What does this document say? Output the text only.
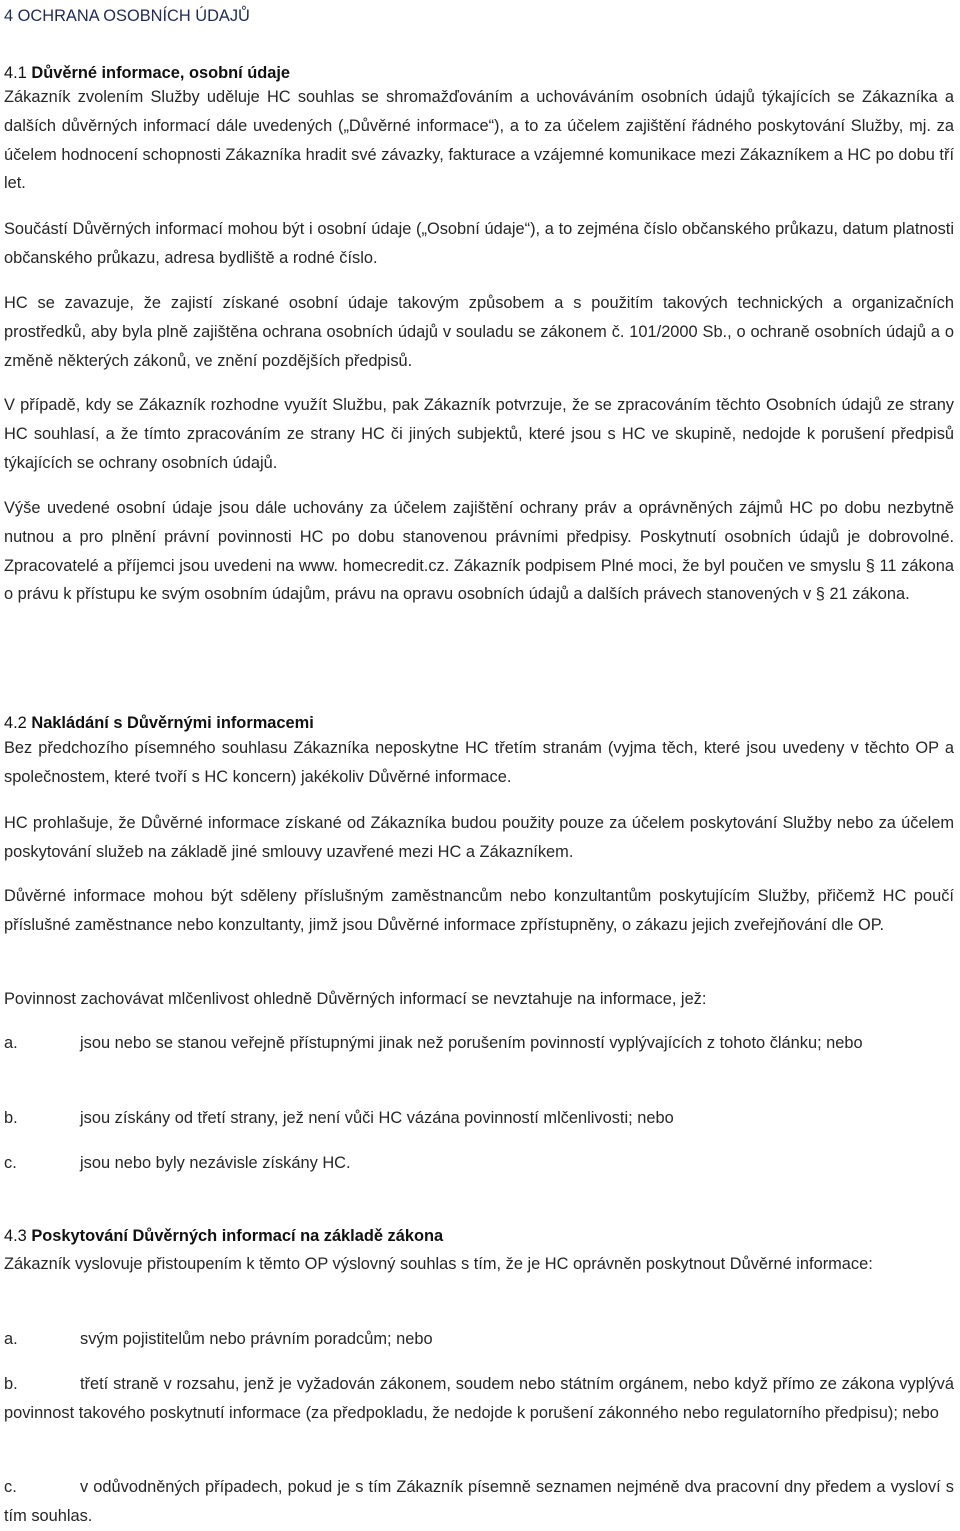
4 OCHRANA OSOBNÍCH ÚDAJŮ
4.1 Důvěrné informace, osobní údaje

Zákazník zvolením Služby uděluje HC souhlas se shromažďováním a uchováváním osobních údajů týkajících se Zákazníka a dalších důvěrných informací dále uvedených („Důvěrné informace“), a to za účelem zajištění řádného poskytování Služby, mj. za účelem hodnocení schopnosti Zákazníka hradit své závazky, fakturace a vzájemné komunikace mezi Zákazníkem a HC po dobu tří let.

Součástí Důvěrných informací mohou být i osobní údaje („Osobní údaje“), a to zejména číslo občanského průkazu, datum platnosti občanského průkazu, adresa bydliště a rodné číslo.

HC se zavazuje, že zajistí získané osobní údaje takovým způsobem a s použitím takových technických a organizačních prostředků, aby byla plně zajištěna ochrana osobních údajů v souladu se zákonem č. 101/2000 Sb., o ochraně osobních údajů a o změně některých zákonů, ve znění pozdějších předpisů.

V případě, kdy se Zákazník rozhodne využít Službu, pak Zákazník potvrzuje, že se zpracováním těchto Osobních údajů ze strany HC souhlasí, a že tímto zpracováním ze strany HC či jiných subjektů, které jsou s HC ve skupině, nedojde k porušení předpisů týkajících se ochrany osobních údajů.

Výše uvedené osobní údaje jsou dále uchovány za účelem zajištění ochrany práv a oprávněných zájmů HC po dobu nezbytně nutnou a pro plnění právní povinnosti HC po dobu stanovenou právními předpisy. Poskytnutí osobních údajů je dobrovolné. Zpracovatelé a příjemci jsou uvedeni na www. homecredit.cz. Zákazník podpisem Plné moci, že byl poučen ve smyslu § 11 zákona o právu k přístupu ke svým osobním údajům, právu na opravu osobních údajů a dalších právech stanovených v § 21 zákona.

4.2 Nakládání s Důvěrnými informacemi

Bez předchozího písemného souhlasu Zákazníka neposkytne HC třetím stranám (vyjma těch, které jsou uvedeny v těchto OP a společnostem, které tvoří s HC koncern) jakékoliv Důvěrné informace.

HC prohlašuje, že Důvěrné informace získané od Zákazníka budou použity pouze za účelem poskytování Služby nebo za účelem poskytování služeb na základě jiné smlouvy uzavřené mezi HC a Zákazníkem.

Důvěrné informace mohou být sděleny příslušným zaměstnancům nebo konzultantům poskytujícím Služby, přičemž HC poučí příslušné zaměstnance nebo konzultanty, jimž jsou Důvěrné informace zpřístupněny, o zákazu jejich zveřejňování dle OP.

Povinnost zachovávat mlčenlivost ohledně Důvěrných informací se nevztahuje na informace, jež:

a.	jsou nebo se stanou veřejně přístupnými jinak než porušením povinností vyplývajících z tohoto článku; nebo

b.	jsou získány od třetí strany, jež není vůči HC vázána povinností mlčenlivosti; nebo

c.	jsou nebo byly nezávisle získány HC.

4.3 Poskytování Důvěrných informací na základě zákona

Zákazník vyslovuje přistoupením k těmto OP výslovný souhlas s tím, že je HC oprávněn poskytnout Důvěrné informace:

a.	svým pojistitelům nebo právním poradcům; nebo

b.	třetí straně v rozsahu, jenž je vyžadován zákonem, soudem nebo státním orgánem, nebo když přímo ze zákona vyplývá povinnost takového poskytnutí informace (za předpokladu, že nedojde k porušení zákonného nebo regulatorního předpisu); nebo

c.	v odůvodněných případech, pokud je s tím Zákazník písemně seznamen nejméně dva pracovní dny předem a vysloví s tím souhlas.
